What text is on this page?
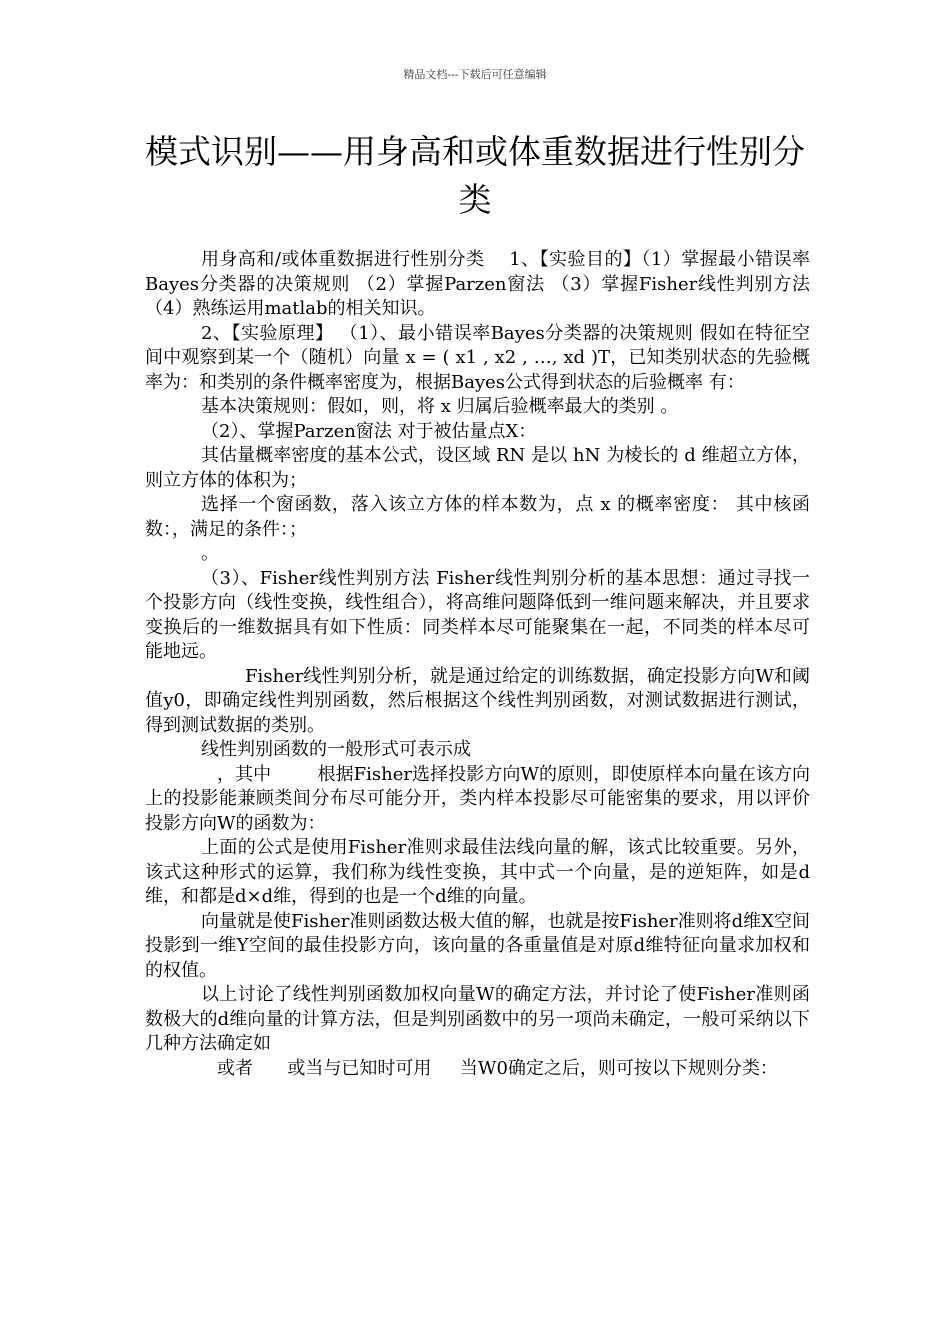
精品文档---下载后可任意编辑
模式识别——用身高和或体重数据进行性别分类

用身高和/或体重数据进行性别分类    1、【实验目的】（1）掌握最小错误率Bayes分类器的决策规则 （2）掌握Parzen窗法 （3）掌握Fisher线性判别方法 （4）熟练运用matlab的相关知识。

2、【实验原理】 （1）、最小错误率Bayes分类器的决策规则 假如在特征空间中观察到某一个（随机）向量 x = ( x1 , x2 , …, xd )T，已知类别状态的先验概率为：和类别的条件概率密度为，根据Bayes公式得到状态的后验概率 有：

基本决策规则：假如，则，将 x 归属后验概率最大的类别 。

（2）、掌握Parzen窗法 对于被估量点X：

其估量概率密度的基本公式，设区域 RN 是以 hN 为棱长的 d 维超立方体，则立方体的体积为；

选择一个窗函数，落入该立方体的样本数为，点 x 的概率密度： 其中核函数：，满足的条件：；

。

（3）、Fisher线性判别方法 Fisher线性判别分析的基本思想：通过寻找一个投影方向（线性变换，线性组合），将高维问题降低到一维问题来解决，并且要求变换后的一维数据具有如下性质：同类样本尽可能聚集在一起，不同类的样本尽可能地远。

Fisher线性判别分析，就是通过给定的训练数据，确定投影方向W和阈值y0，即确定线性判别函数，然后根据这个线性判别函数，对测试数据进行测试，得到测试数据的类别。

线性判别函数的一般形式可表示成

，其中        根据Fisher选择投影方向W的原则，即使原样本向量在该方向上的投影能兼顾类间分布尽可能分开，类内样本投影尽可能密集的要求，用以评价投影方向W的函数为：

上面的公式是使用Fisher准则求最佳法线向量的解，该式比较重要。另外，该式这种形式的运算，我们称为线性变换，其中式一个向量，是的逆矩阵，如是d维，和都是d×d维，得到的也是一个d维的向量。

向量就是使Fisher准则函数达极大值的解，也就是按Fisher准则将d维X空间投影到一维Y空间的最佳投影方向，该向量的各重量值是对原d维特征向量求加权和的权值。

以上讨论了线性判别函数加权向量W的确定方法，并讨论了使Fisher准则函数极大的d维向量的计算方法，但是判别函数中的另一项尚未确定，一般可采纳以下几种方法确定如

或者      或当与已知时可用     当W0确定之后，则可按以下规则分类：
